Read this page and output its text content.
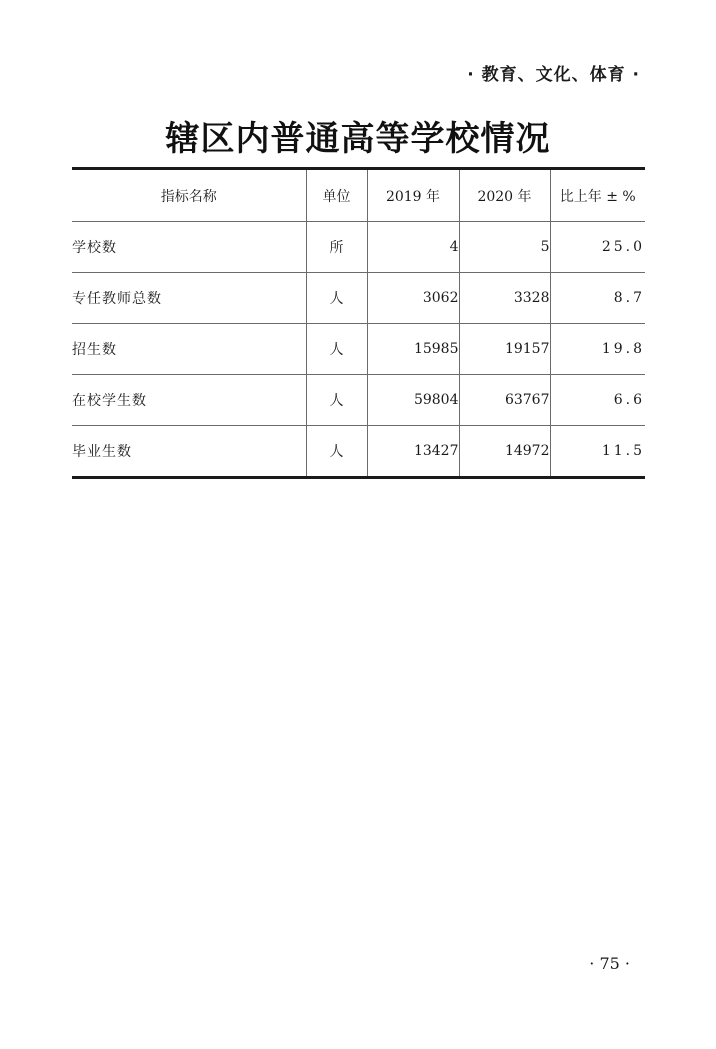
· 教育、文化、体育 ·
辖区内普通高等学校情况
指标名称	单位	2019 年	2020 年	比上年 ± %
学校数	所	4	5	25.0
专任教师总数	人	3062	3328	8.7
招生数	人	15985	19157	19.8
在校学生数	人	59804	63767	6.6
毕业生数	人	13427	14972	11.5
· 75 ·
